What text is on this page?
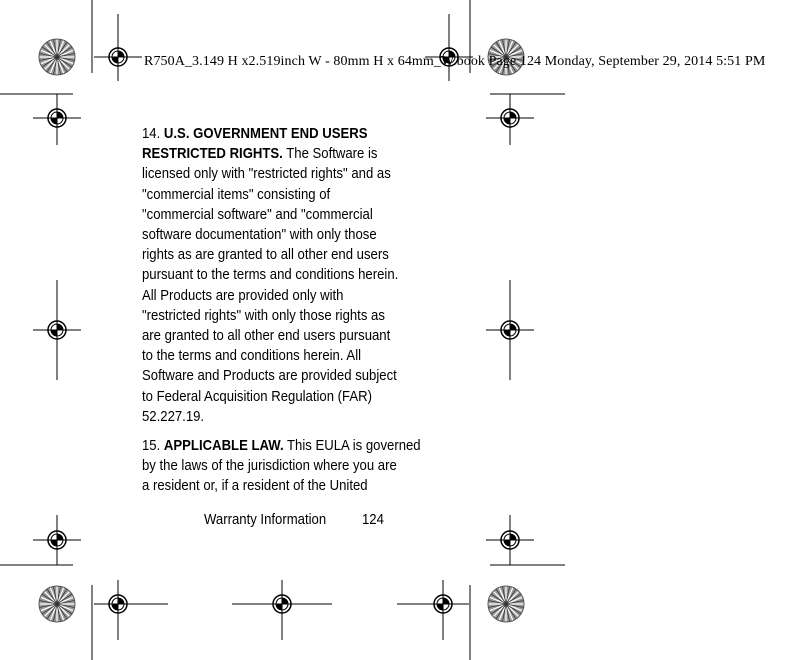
R750A_3.149 H x2.519inch W - 80mm H x 64mm_W.book Page 124 Monday, September 29, 2014 5:51 PM

14. U.S. GOVERNMENT END USERS
RESTRICTED RIGHTS. The Software is
licensed only with "restricted rights" and as
"commercial items" consisting of
"commercial software" and "commercial
software documentation" with only those
rights as are granted to all other end users
pursuant to the terms and conditions herein.
All Products are provided only with
"restricted rights" with only those rights as
are granted to all other end users pursuant
to the terms and conditions herein. All
Software and Products are provided subject
to Federal Acquisition Regulation (FAR)
52.227.19.

15. APPLICABLE LAW. This EULA is governed
by the laws of the jurisdiction where you are
a resident or, if a resident of the United

Warranty Information 124
